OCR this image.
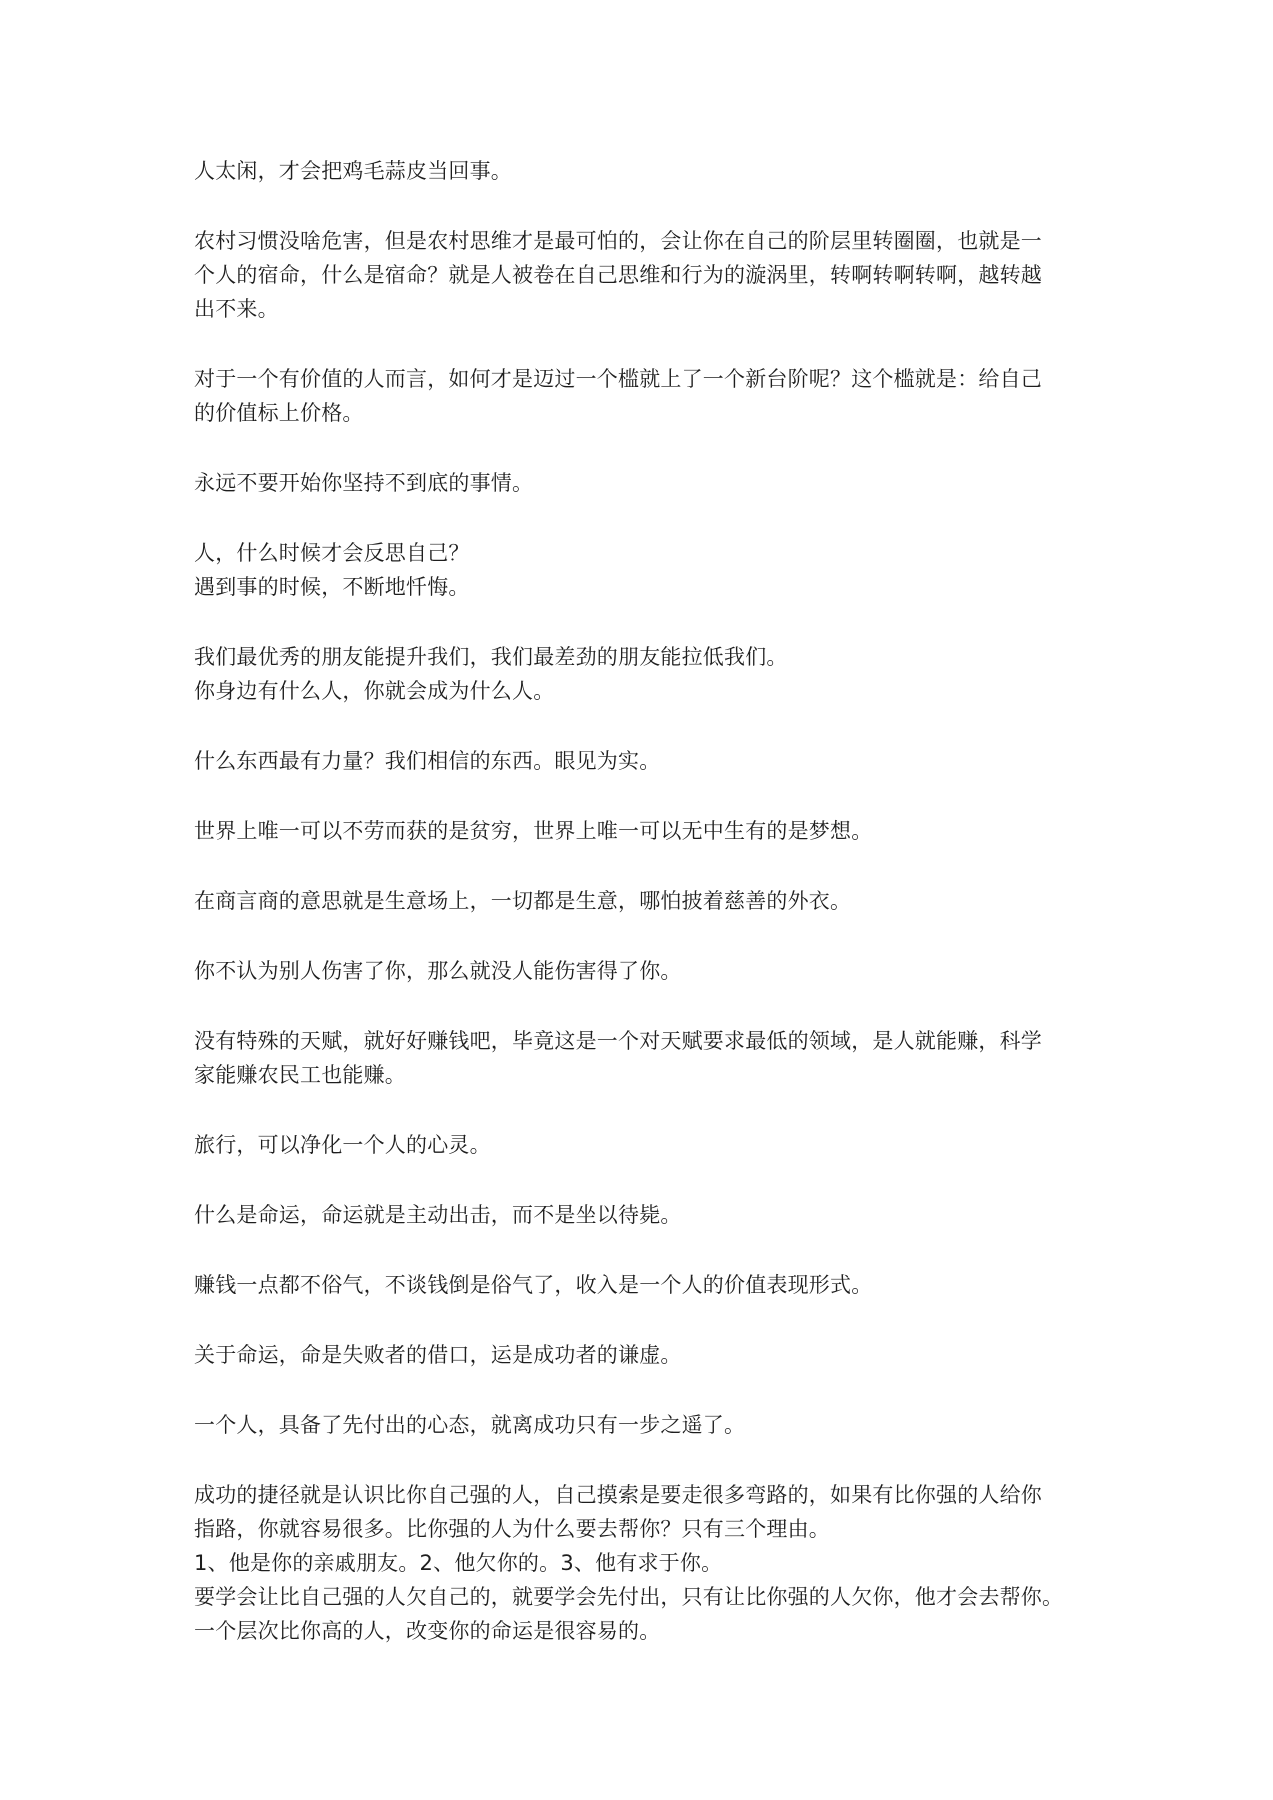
人太闲，才会把鸡毛蒜皮当回事。
农村习惯没啥危害，但是农村思维才是最可怕的，会让你在自己的阶层里转圈圈，也就是一
个人的宿命，什么是宿命？就是人被卷在自己思维和行为的漩涡里，转啊转啊转啊，越转越
出不来。
对于一个有价值的人而言，如何才是迈过一个槛就上了一个新台阶呢？这个槛就是：给自己
的价值标上价格。
永远不要开始你坚持不到底的事情。
人，什么时候才会反思自己？
遇到事的时候，不断地忏悔。
我们最优秀的朋友能提升我们，我们最差劲的朋友能拉低我们。
你身边有什么人，你就会成为什么人。
什么东西最有力量？我们相信的东西。眼见为实。
世界上唯一可以不劳而获的是贫穷，世界上唯一可以无中生有的是梦想。
在商言商的意思就是生意场上，一切都是生意，哪怕披着慈善的外衣。
你不认为别人伤害了你，那么就没人能伤害得了你。
没有特殊的天赋，就好好赚钱吧，毕竟这是一个对天赋要求最低的领域，是人就能赚，科学
家能赚农民工也能赚。
旅行，可以净化一个人的心灵。
什么是命运，命运就是主动出击，而不是坐以待毙。
赚钱一点都不俗气，不谈钱倒是俗气了，收入是一个人的价值表现形式。
关于命运，命是失败者的借口，运是成功者的谦虚。
一个人，具备了先付出的心态，就离成功只有一步之遥了。
成功的捷径就是认识比你自己强的人，自己摸索是要走很多弯路的，如果有比你强的人给你
指路，你就容易很多。比你强的人为什么要去帮你？只有三个理由。
1、他是你的亲戚朋友。2、他欠你的。3、他有求于你。
要学会让比自己强的人欠自己的，就要学会先付出，只有让比你强的人欠你，他才会去帮你。
一个层次比你高的人，改变你的命运是很容易的。
